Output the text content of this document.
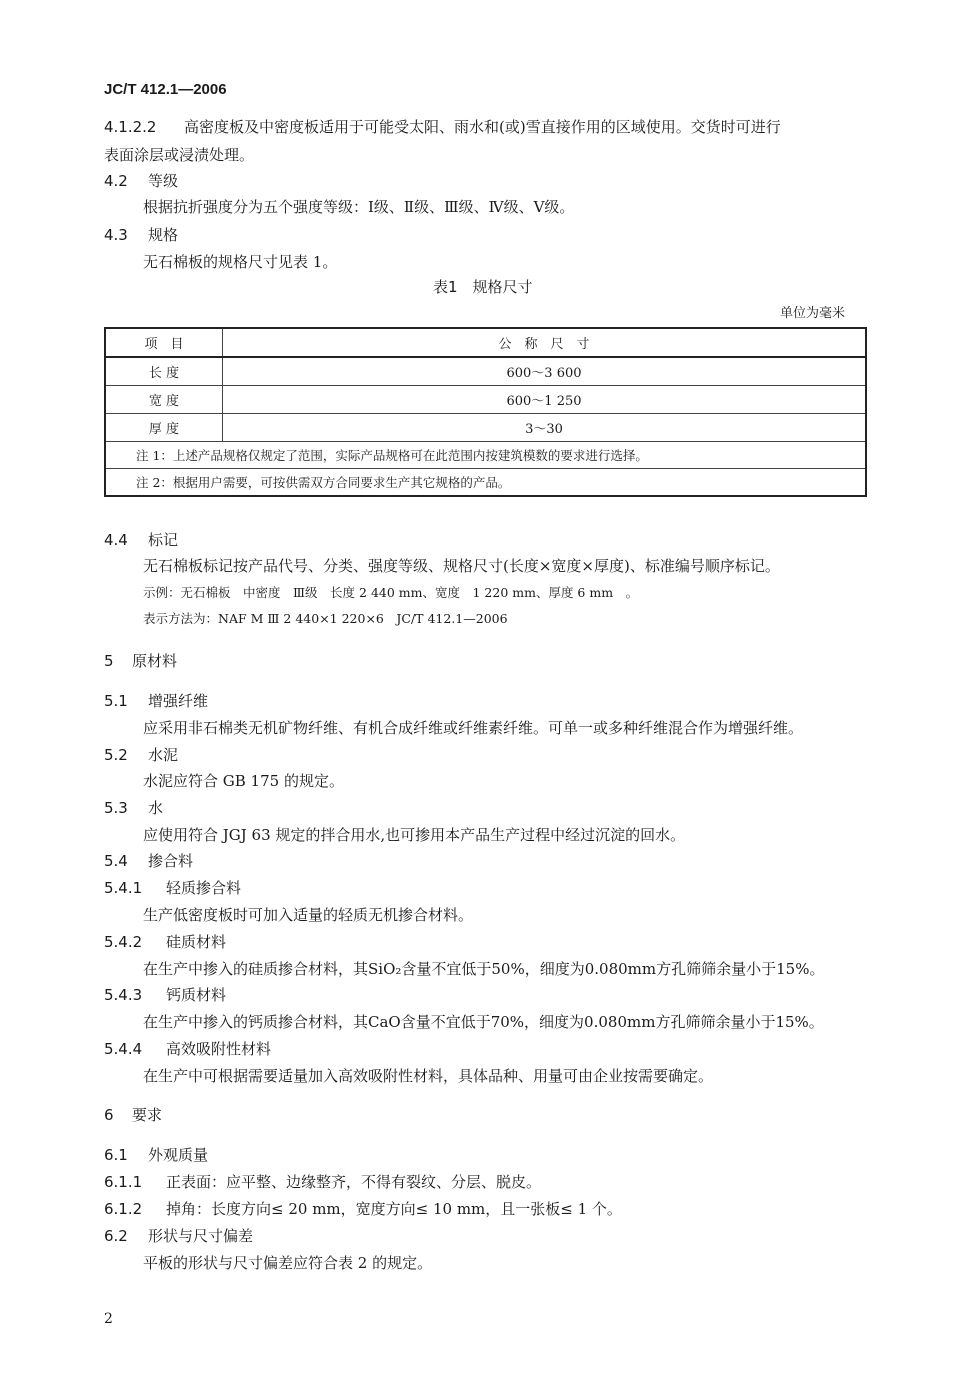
JC/T 412.1—2006
4.1.2.2 高密度板及中密度板适用于可能受太阳、雨水和(或)雪直接作用的区域使用。交货时可进行
表面涂层或浸渍处理。
4.2 等级
根据抗折强度分为五个强度等级：Ⅰ级、Ⅱ级、Ⅲ级、Ⅳ级、Ⅴ级。
4.3 规格
无石棉板的规格尺寸见表 1。
表1　规格尺寸
单位为毫米
项　目	公　称　尺　寸
长 度	600～3 600
宽 度	600～1 250
厚 度	3～30
注 1：上述产品规格仅规定了范围，实际产品规格可在此范围内按建筑模数的要求进行选择。	
注 2：根据用户需要，可按供需双方合同要求生产其它规格的产品。	
4.4 标记
无石棉板标记按产品代号、分类、强度等级、规格尺寸(长度×宽度×厚度)、标准编号顺序标记。
示例：无石棉板　中密度　Ⅲ级　长度 2 440 mm、宽度　1 220 mm、厚度 6 mm　。
表示方法为：NAF M Ⅲ 2 440×1 220×6　JC/T 412.1—2006
5 原材料
5.1 增强纤维
应采用非石棉类无机矿物纤维、有机合成纤维或纤维素纤维。可单一或多种纤维混合作为增强纤维。
5.2 水泥
水泥应符合 GB 175 的规定。
5.3 水
应使用符合 JGJ 63 规定的拌合用水,也可掺用本产品生产过程中经过沉淀的回水。
5.4 掺合料
5.4.1 轻质掺合料
生产低密度板时可加入适量的轻质无机掺合材料。
5.4.2 硅质材料
在生产中掺入的硅质掺合材料，其SiO₂含量不宜低于50%，细度为0.080mm方孔筛筛余量小于15%。
5.4.3 钙质材料
在生产中掺入的钙质掺合材料，其CaO含量不宜低于70%，细度为0.080mm方孔筛筛余量小于15%。
5.4.4 高效吸附性材料
在生产中可根据需要适量加入高效吸附性材料，具体品种、用量可由企业按需要确定。
6 要求
6.1 外观质量
6.1.1 正表面：应平整、边缘整齐，不得有裂纹、分层、脱皮。
6.1.2 掉角：长度方向≤ 20 mm，宽度方向≤ 10 mm，且一张板≤ 1 个。
6.2 形状与尺寸偏差
平板的形状与尺寸偏差应符合表 2 的规定。
2
